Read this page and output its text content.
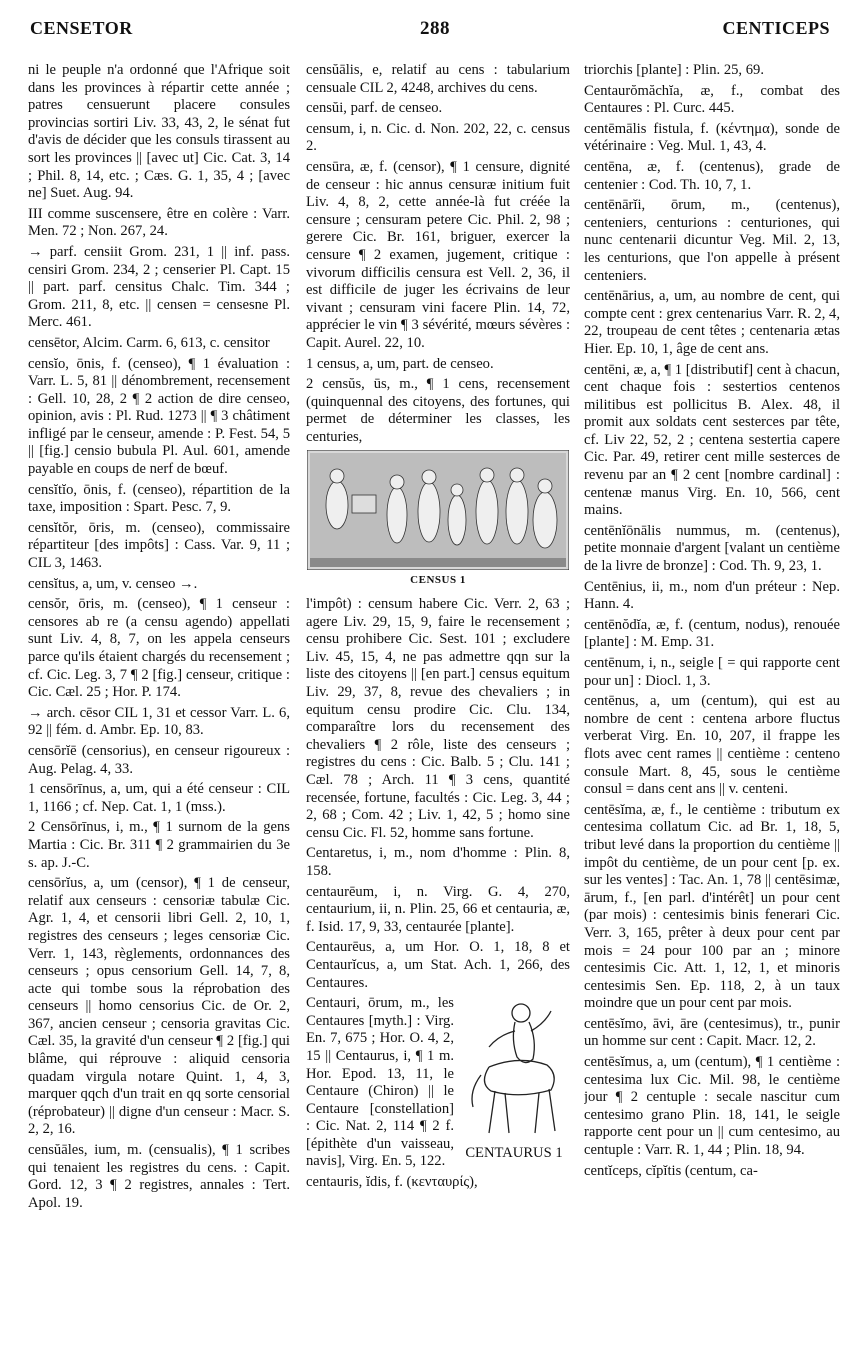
CENSETOR	288	CENTICEPS

ni le peuple n'a ordonné que l'Afrique soit dans les provinces à répartir cette année ; patres censuerunt placere consules provincias sortiri Liv. 33, 43, 2, le sénat fut d'avis de décider que les consuls tirassent au sort les provinces || [avec ut] Cic. Cat. 3, 14 ; Phil. 8, 14, etc. ; Cæs. G. 1, 35, 4 ; [avec ne] Suet. Aug. 94.

III comme suscensere, être en colère : Varr. Men. 72 ; Non. 267, 24.

→ parf. censiit Grom. 231, 1 || inf. pass. censiri Grom. 234, 2 ; censerier Pl. Capt. 15 || part. parf. censitus Chalc. Tim. 344 ; Grom. 211, 8, etc. || censen = censesne Pl. Merc. 461.

censētor, Alcim. Carm. 6, 613, c. censitor

censĭo, ōnis, f. (censeo), ¶ 1 évaluation : Varr. L. 5, 81 || dénombrement, recensement : Gell. 10, 28, 2 ¶ 2 action de dire censeo, opinion, avis : Pl. Rud. 1273 || ¶ 3 châtiment infligé par le censeur, amende : P. Fest. 54, 5 || [fig.] censio bubula Pl. Aul. 601, amende payable en coups de nerf de bœuf.

censĭtĭo, ōnis, f. (censeo), répartition de la taxe, imposition : Spart. Pesc. 7, 9.

censĭtŏr, ōris, m. (censeo), commissaire répartiteur [des impôts] : Cass. Var. 9, 11 ; CIL 3, 1463.

censĭtus, a, um, v. censeo →.

censŏr, ōris, m. (censeo), ¶ 1 censeur : censores ab re (a censu agendo) appellati sunt Liv. 4, 8, 7, on les appela censeurs parce qu'ils étaient chargés du recensement ; cf. Cic. Leg. 3, 7 ¶ 2 [fig.] censeur, critique : Cic. Cæl. 25 ; Hor. P. 174.

→ arch. cēsor CIL 1, 31 et cessor Varr. L. 6, 92 || fém. d. Ambr. Ep. 10, 83.

censōrĭē (censorius), en censeur rigoureux : Aug. Pelag. 4, 33.

1 censōrīnus, a, um, qui a été censeur : CIL 1, 1166 ; cf. Nep. Cat. 1, 1 (mss.).

2 Censōrīnus, i, m., ¶ 1 surnom de la gens Martia : Cic. Br. 311 ¶ 2 grammairien du 3e s. ap. J.-C.

censōrĭus, a, um (censor), ¶ 1 de censeur, relatif aux censeurs : censoriæ tabulæ Cic. Agr. 1, 4, et censorii libri Gell. 2, 10, 1, registres des censeurs ; leges censoriæ Cic. Verr. 1, 143, règlements, ordonnances des censeurs ; opus censorium Gell. 14, 7, 8, acte qui tombe sous la réprobation des censeurs || homo censorius Cic. de Or. 2, 367, ancien censeur ; censoria gravitas Cic. Cæl. 35, la gravité d'un censeur ¶ 2 [fig.] qui blâme, qui réprouve : aliquid censoria quadam virgula notare Quint. 1, 4, 3, marquer qqch d'un trait en qq sorte censorial (réprobateur) || digne d'un censeur : Macr. S. 2, 2, 16.

censŭāles, ium, m. (censualis), ¶ 1 scribes qui tenaient les registres du cens. : Capit. Gord. 12, 3 ¶ 2 registres, annales : Tert. Apol. 19.

censŭālis, e, relatif au cens : tabularium censuale CIL 2, 4248, archives du cens.

censŭi, parf. de censeo.

censum, i, n. Cic. d. Non. 202, 22, c. census 2.

censūra, æ, f. (censor), ¶ 1 censure, dignité de censeur : hic annus censuræ initium fuit Liv. 4, 8, 2, cette année-là fut créée la censure ; censuram petere Cic. Phil. 2, 98 ; gerere Cic. Br. 161, briguer, exercer la censure ¶ 2 examen, jugement, critique : vivorum difficilis censura est Vell. 2, 36, il est difficile de juger les écrivains de leur vivant ; censuram vini facere Plin. 14, 72, apprécier le vin ¶ 3 sévérité, mœurs sévères : Capit. Aurel. 22, 10.

1 census, a, um, part. de censeo.

2 censŭs, ūs, m., ¶ 1 cens, recensement (quinquennal des citoyens, des fortunes, qui permet de déterminer les classes, les centuries,

CENSUS 1

l'impôt) : censum habere Cic. Verr. 2, 63 ; agere Liv. 29, 15, 9, faire le recensement ; censu prohibere Cic. Sest. 101 ; excludere Liv. 45, 15, 4, ne pas admettre qqn sur la liste des citoyens || [en part.] census equitum Liv. 29, 37, 8, revue des chevaliers ; in equitum censu prodire Cic. Clu. 134, comparaître lors du recensement des chevaliers ¶ 2 rôle, liste des censeurs ; registres du cens : Cic. Balb. 5 ; Clu. 141 ; Cæl. 78 ; Arch. 11 ¶ 3 cens, quantité recensée, fortune, facultés : Cic. Leg. 3, 44 ; 2, 68 ; Com. 42 ; Liv. 1, 42, 5 ; homo sine censu Cic. Fl. 52, homme sans fortune.

Centaretus, i, m., nom d'homme : Plin. 8, 158.

centaurēum, i, n. Virg. G. 4, 270, centaurium, ii, n. Plin. 25, 66 et centauria, æ, f. Isid. 17, 9, 33, centaurée [plante].

Centaurēus, a, um Hor. O. 1, 18, 8 et Centaurĭcus, a, um Stat. Ach. 1, 266, des Centaures.

Centauri, ōrum, m., les Centaures [myth.] : Virg. En. 7, 675 ; Hor. O. 4, 2, 15 || Centaurus, i, ¶ 1 m. Hor. Epod. 13, 11, le Centaure (Chiron) || le Centaure [constellation] : Cic. Nat. 2, 114 ¶ 2 f. [épithète d'un vaisseau, navis], Virg. En. 5, 122.

CENTAURUS 1

centauris, ĭdis, f. (κενταυρίς),

triorchis [plante] : Plin. 25, 69.

Centaurŏmăchĭa, æ, f., combat des Centaures : Pl. Curc. 445.

centēmālis fistula, f. (κέντημα), sonde de vétérinaire : Veg. Mul. 1, 43, 4.

centēna, æ, f. (centenus), grade de centenier : Cod. Th. 10, 7, 1.

centēnārĭi, ōrum, m., (centenus), centeniers, centurions : centuriones, qui nunc centenarii dicuntur Veg. Mil. 2, 13, les centurions, que l'on appelle à présent centeniers.

centēnārius, a, um, au nombre de cent, qui compte cent : grex centenarius Varr. R. 2, 4, 22, troupeau de cent têtes ; centenaria ætas Hier. Ep. 10, 1, âge de cent ans.

centēni, æ, a, ¶ 1 [distributif] cent à chacun, cent chaque fois : sestertios centenos militibus est pollicitus B. Alex. 48, il promit aux soldats cent sesterces par tête, cf. Liv 22, 52, 2 ; centena sestertia capere Cic. Par. 49, retirer cent mille sesterces de revenu par an ¶ 2 cent [nombre cardinal] : centenæ manus Virg. En. 10, 566, cent mains.

centēnĭōnālis nummus, m. (centenus), petite monnaie d'argent [valant un centième de la livre de bronze] : Cod. Th. 9, 23, 1.

Centēnius, ii, m., nom d'un préteur : Nep. Hann. 4.

centēnŏdĭa, æ, f. (centum, nodus), renouée [plante] : M. Emp. 31.

centēnum, i, n., seigle [ = qui rapporte cent pour un] : Diocl. 1, 3.

centēnus, a, um (centum), qui est au nombre de cent : centena arbore fluctus verberat Virg. En. 10, 207, il frappe les flots avec cent rames || centième : centeno consule Mart. 8, 45, sous le centième consul = dans cent ans || v. centeni.

centēsĭma, æ, f., le centième : tributum ex centesima collatum Cic. ad Br. 1, 18, 5, tribut levé dans la proportion du centième || impôt du centième, de un pour cent [p. ex. sur les ventes] : Tac. An. 1, 78 || centēsimæ, ārum, f., [en parl. d'intérêt] un pour cent (par mois) : centesimis binis fenerari Cic. Verr. 3, 165, prêter à deux pour cent par mois = 24 pour 100 par an ; minore centesimis Cic. Att. 1, 12, 1, et minoris centesimis Sen. Ep. 118, 2, à un taux moindre que un pour cent par mois.

centēsĭmo, āvi, āre (centesimus), tr., punir un homme sur cent : Capit. Macr. 12, 2.

centēsĭmus, a, um (centum), ¶ 1 centième : centesima lux Cic. Mil. 98, le centième jour ¶ 2 centuple : secale nascitur cum centesimo grano Plin. 18, 141, le seigle rapporte cent pour un || cum centesimo, au centuple : Varr. R. 1, 44 ; Plin. 18, 94.

centĭceps, cĭpĭtis (centum, ca-
